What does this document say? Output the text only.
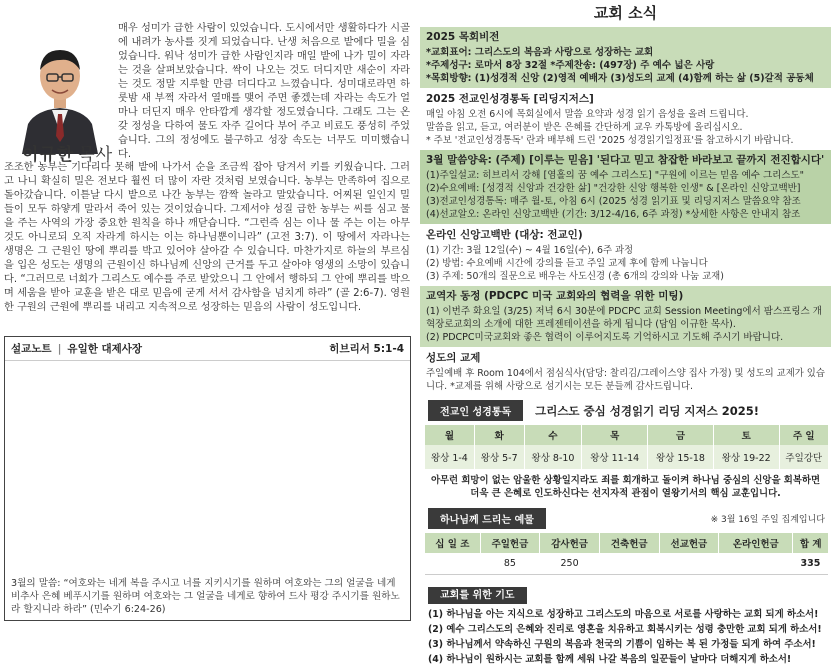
이규한 목사
매우 성미가 급한 사람이 있었습니다. 도시에서만 생활하다가 시골에 내려가 농사를 짓게 되었습니다. 난생 처음으로 밭에다 밀을 심었습니다. 워낙 성미가 급한 사람인지라 매일 밭에 나가 밀이 자라는 것을 살펴보았습니다. 싹이 나오는 것도 더디지만 새순이 자라는 것도 정말 지루할 만큼 더디다고 느꼈습니다. 성미대로라면 하룻밤 새 부쩍 자라서 열매를 맺어 주면 좋겠는데 자라는 속도가 얼마나 더딘지 매우 안타깝게 생각할 정도였습니다. 그래도 그는 온갖 정성을 다하여 물도 자주 길어다 부어 주고 비료도 풍성히 주었습니다. 그의 정성에도 불구하고 성장 속도는 너무도 미미했습니다.
조조한 농부는 기다리다 못해 밭에 나가서 순을 조금씩 잡아 당겨서 키를 키웠습니다. 그러고 나니 확실히 밀은 전보다 훨씬 더 많이 자란 것처럼 보였습니다. 농부는 만족하여 집으로 돌아갔습니다. 이튿날 다시 밭으로 나간 농부는 깜짝 놀라고 말았습니다. 어찌된 일인지 밀들이 모두 하얗게 말라서 죽어 있는 것이었습니다. 그제서야 성질 급한 농부는 씨를 심고 물을 주는 사역의 가장 중요한 원칙을 하나 깨닫습니다. “그런즉 심는 이나 물 주는 이는 아무 것도 아니로되 오직 자라게 하시는 이는 하나님뿐이니라” (고전 3:7). 이 땅에서 자라나는 생명은 그 근원인 땅에 뿌리를 박고 있어야 살아갈 수 있습니다. 마찬가지로 하늘의 부르심을 입은 성도는 생명의 근원이신 하나님께 신앙의 근거를 두고 살아야 영생의 소망이 있습니다. “그러므로 너희가 그리스도 예수를 주로 받았으니 그 안에서 행하되 그 안에 뿌리를 박으며 세움을 받아 교훈을 받은 대로 믿음에 굳게 서서 감사함을 넘치게 하라” (골 2:6-7). 영원한 구원의 근원에 뿌리를 내리고 지속적으로 성장하는 믿음의 사람이 성도입니다.
설교노트 | 유일한 대제사장	히브리서 5:1-4
3월의 말씀: “여호와는 네게 복을 주시고 너를 지키시기를 원하며 여호와는 그의 얼굴을 네게 비추사 은혜 베푸시기를 원하며 여호와는 그 얼굴을 네게로 향하여 드사 평강 주시기를 원하노라 할지니라 하라” (민수기 6:24-26)
교회 소식
2025 목회비전
*교회표어: 그리스도의 복음과 사랑으로 성장하는 교회
*주제성구: 로마서 8장 32절 *주제찬송: (497장) 주 예수 넓은 사랑
*목회방향: (1)성경적 신앙 (2)영적 예배자 (3)성도의 교제 (4)함께 하는 삶 (5)갈적 공동체
2025 전교인성경통독 [리딩지저스]
매일 아침 오전 6시에 목회실에서 말씀 요약과 성경 읽기 음성을 올려 드립니다.
말씀을 읽고, 듣고, 여러분이 받은 은혜를 간단하게 교우 카톡방에 올리십시오.
* 주보 '전교인성경통독' 란과 배부해 드린 '2025 성경읽기일정표'를 참고하시기 바랍니다.
3월 말씀양육: (주제) [이루는 믿음] '된다고 믿고 참잡한 바라보고 끝까지 전진합시다'
(1)주일설교: 히브리서 강해 [염홀의 꿈 예수 그리스도] "구원에 이르는 믿음 예수 그리스도"
(2)수요예배: [성경적 신앙과 건강한 삶] "건강한 신앙 행복한 인생" & [온라인 신앙고백반]
(3)전교인성경통독: 매주 월-토, 아침 6시 (2025 성경 읽기표 및 리딩지저스 말씀요약 참조
(4)선교알오: 온라인 신앙고백반 (기간: 3/12-4/16, 6주 과정) *상세한 사항은 안내지 참조
온라인 신앙고백반 (대상: 전교인)
(1) 기간: 3월 12일(수) ~ 4월 16일(수), 6주 과정
(2) 방법: 수요예배 시간에 강의를 듣고 주일 교제 후에 함께 나눕니다
(3) 주제: 50개의 질문으로 배우는 사도신경 (총 6개의 강의와 나눔 교재)
교역자 동정 (PDCPC 미국 교회와의 협력을 위한 미팅)
(1) 이번주 화요일 (3/25) 저녁 6시 30분에 PDCPC 교회 Session Meeting에서 팜스프링스 개혁장로교회의 소개에 대한 프레젠테이션을 하게 됩니다 (담임 이규한 목사).
(2) PDCPC미국교회와 좋은 협력이 이루어지도록 기억하시고 기도해 주시기 바랍니다.
성도의 교제
주일예배 후 Room 104에서 점심식사(담당: 찰리김/그레이스양 집사 가정) 및 성도의 교제가 있습니다. *교제를 위해 사랑으로 섬기시는 모든 분들께 감사드립니다.
전교인 성경통독	그리스도 중심 성경읽기 리딩 지저스 2025!
월	화	수	목	금	토	주 일
왕상 1-4	왕상 5-7	왕상 8-10	왕상 11-14	왕상 15-18	왕상 19-22	주일강단
아무런 희망이 없는 암울한 상황일지라도 죄를 회개하고 돌이켜 하나님 중심의 신앙을 회복하면 더욱 큰 은혜로 인도하신다는 선지자적 관점이 열왕기서의 핵심 교훈입니다.
하나님께 드리는 예물	※ 3월 16일 주일 집계입니다
십 일 조	주일헌금	감사헌금	건축헌금	선교헌금	온라인헌금	합 계
	85	250				335
교회를 위한 기도
(1) 하나님을 아는 지식으로 성장하고 그리스도의 마음으로 서로를 사랑하는 교회 되게 하소서!
(2) 예수 그리스도의 은혜와 진리로 영혼을 치유하고 회복시키는 성령 충만한 교회 되게 하소서!
(3) 하나님께서 약속하신 구원의 복음과 천국의 기쁨이 임하는 복 된 가정들 되게 하여 주소서!
(4) 하나님이 원하시는 교회를 함께 세워 나갈 복음의 일꾼들이 날마다 더해지게 하소서!
